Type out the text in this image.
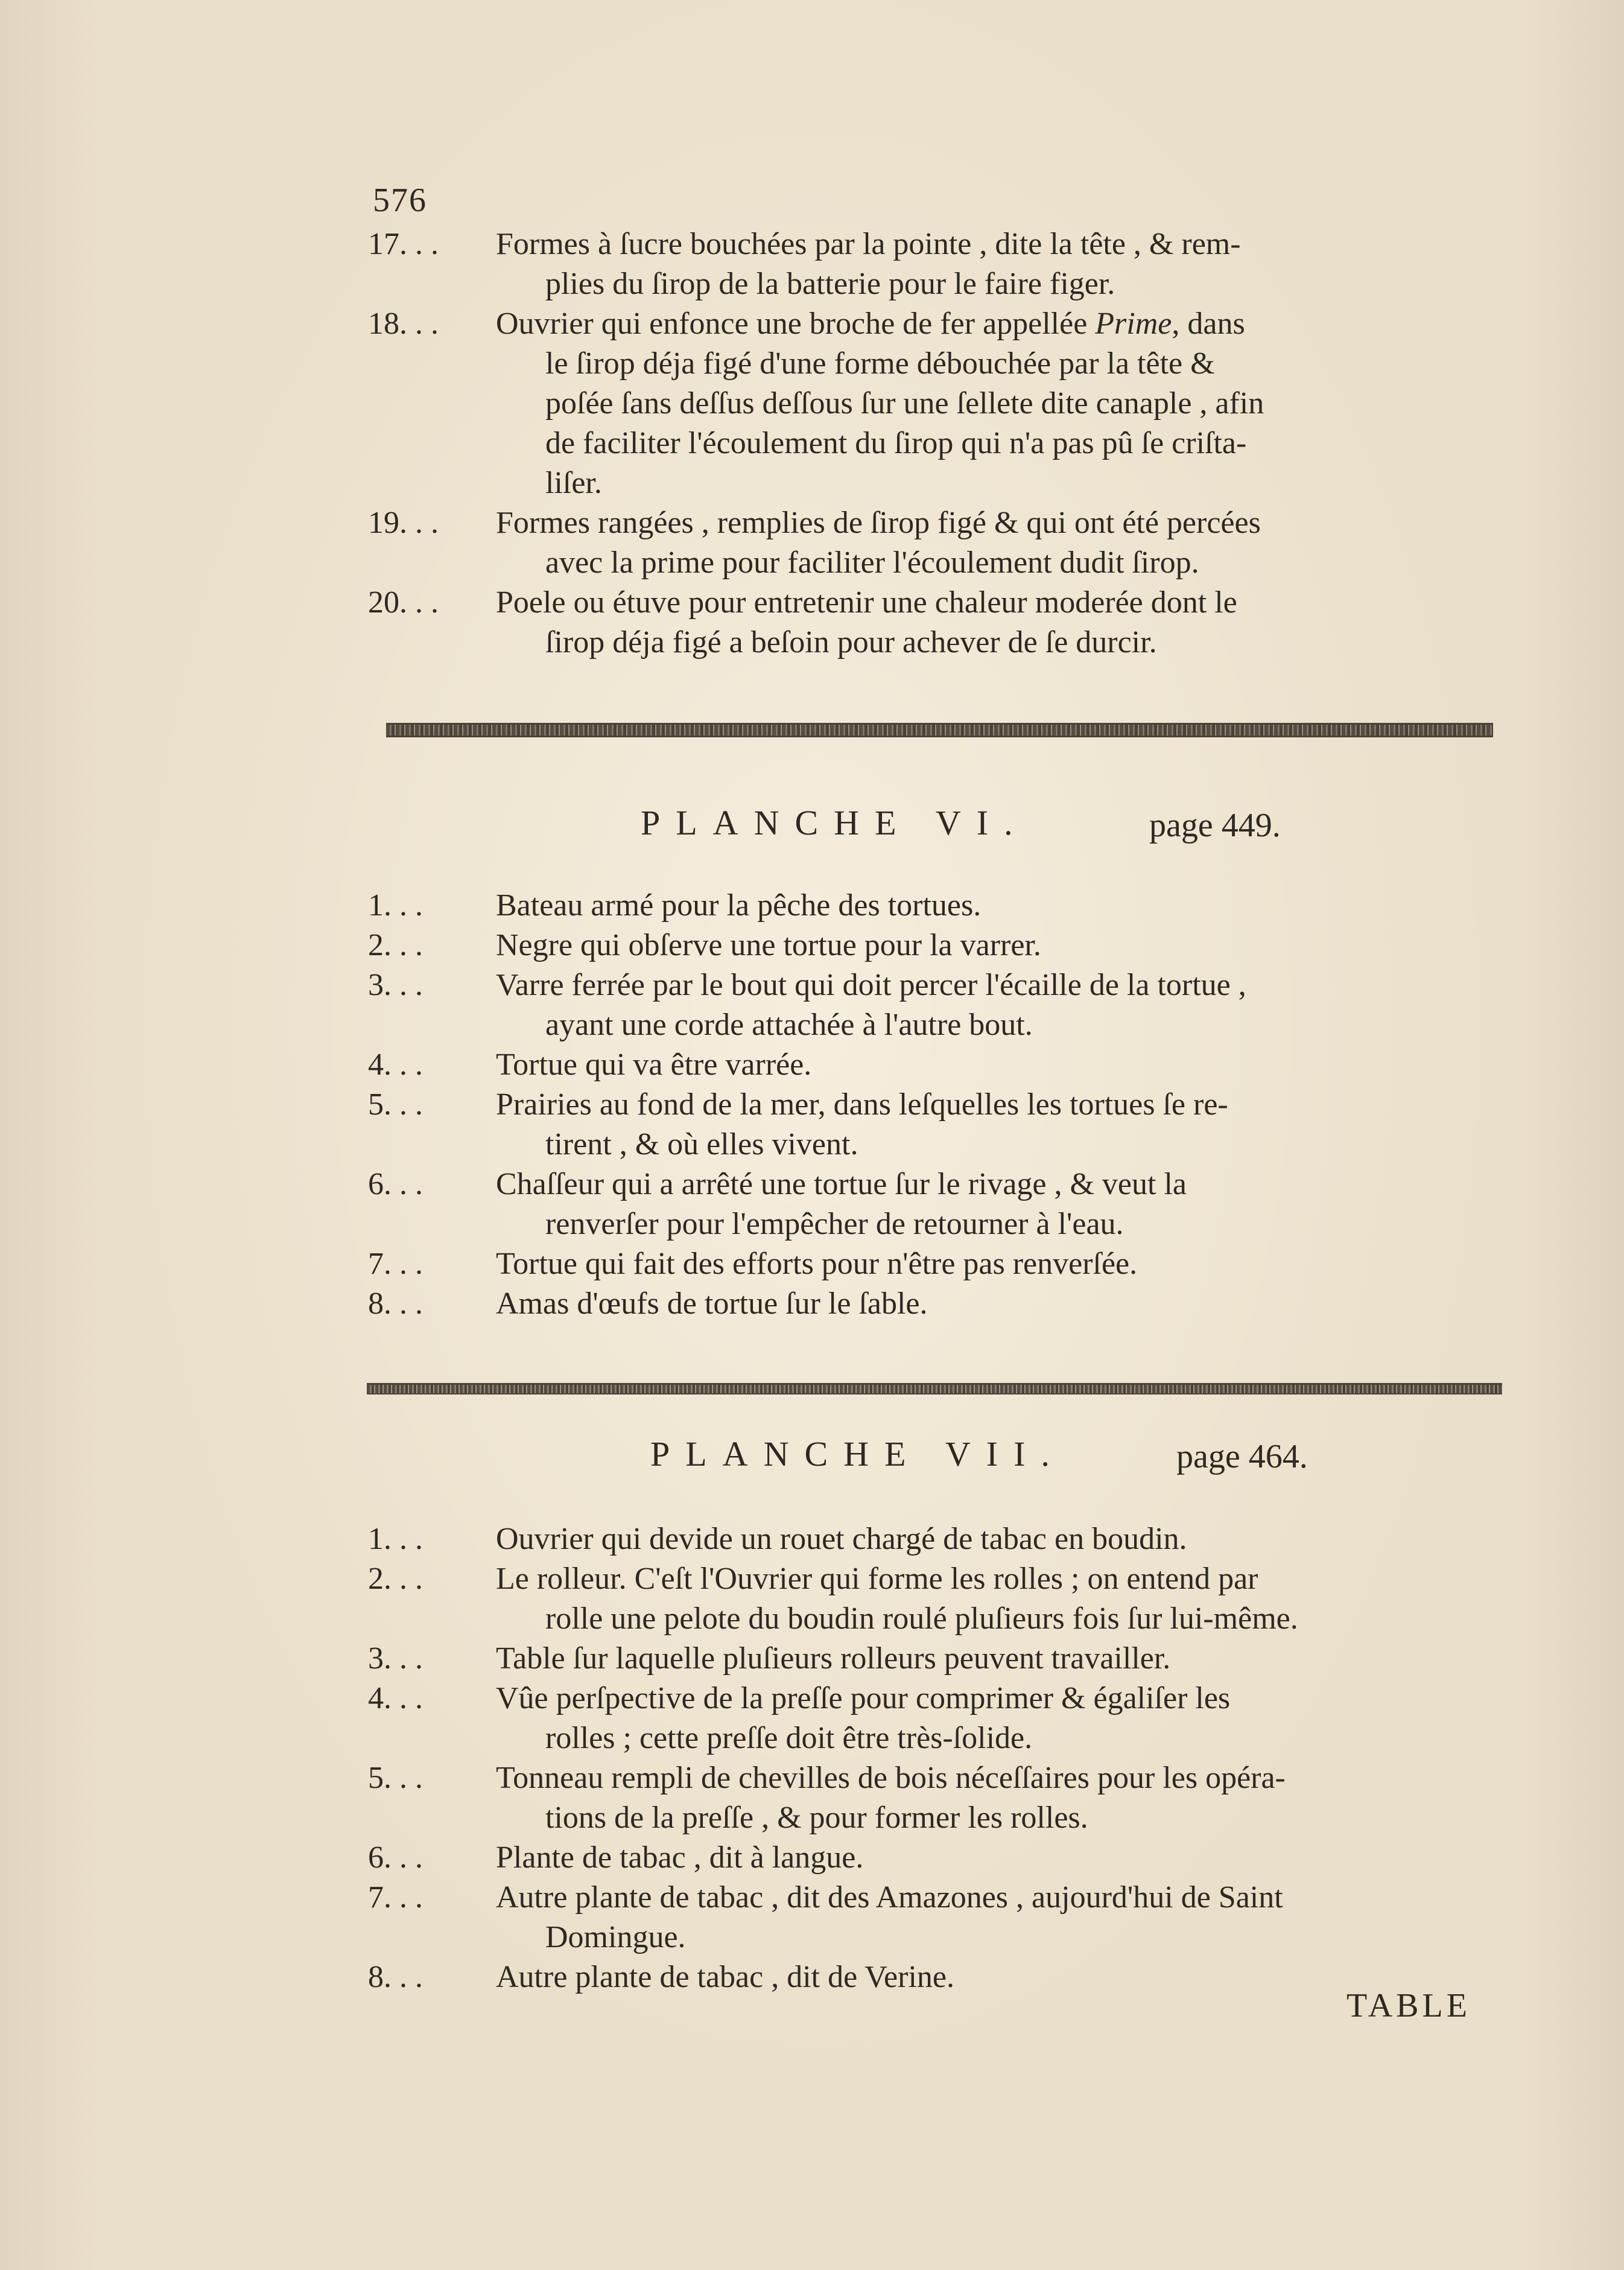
576
17. . .	Formes à ſucre bouchées par la pointe , dite la tête , & rem-
plies du ſirop de la batterie pour le faire figer.
18. . .	Ouvrier qui enfonce une broche de fer appellée Prime, dans
le ſirop déja figé d'une forme débouchée par la tête &
poſée ſans deſſus deſſous ſur une ſellete dite canaple , afin
de faciliter l'écoulement du ſirop qui n'a pas pû ſe criſta-
liſer.
19. . .	Formes rangées , remplies de ſirop figé & qui ont été percées
avec la prime pour faciliter l'écoulement dudit ſirop.
20. . .	Poele ou étuve pour entretenir une chaleur moderée dont le
ſirop déja figé a beſoin pour achever de ſe durcir.
PLANCHE VI.	page 449.
1. . .	Bateau armé pour la pêche des tortues.
2. . .	Negre qui obſerve une tortue pour la varrer.
3. . .	Varre ferrée par le bout qui doit percer l'écaille de la tortue ,
ayant une corde attachée à l'autre bout.
4. . .	Tortue qui va être varrée.
5. . .	Prairies au fond de la mer, dans leſquelles les tortues ſe re-
tirent , & où elles vivent.
6. . .	Chaſſeur qui a arrêté une tortue ſur le rivage , & veut la
renverſer pour l'empêcher de retourner à l'eau.
7. . .	Tortue qui fait des efforts pour n'être pas renverſée.
8. . .	Amas d'œufs de tortue ſur le ſable.
PLANCHE VII.	page 464.
1. . .	Ouvrier qui devide un rouet chargé de tabac en boudin.
2. . .	Le rolleur. C'eſt l'Ouvrier qui forme les rolles ; on entend par
rolle une pelote du boudin roulé pluſieurs fois ſur lui-même.
3. . .	Table ſur laquelle pluſieurs rolleurs peuvent travailler.
4. . .	Vûe perſpective de la preſſe pour comprimer & égaliſer les
rolles ; cette preſſe doit être très-ſolide.
5. . .	Tonneau rempli de chevilles de bois néceſſaires pour les opéra-
tions de la preſſe , & pour former les rolles.
6. . .	Plante de tabac , dit à langue.
7. . .	Autre plante de tabac , dit des Amazones , aujourd'hui de Saint
Domingue.
8. . .	Autre plante de tabac , dit de Verine.
TABLE
